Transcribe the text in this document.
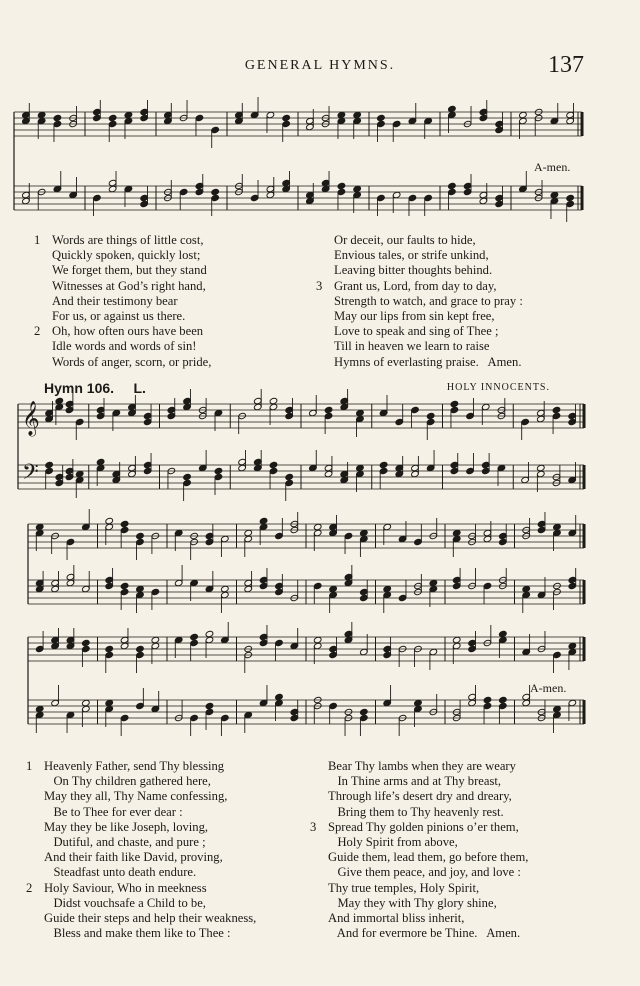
GENERAL HYMNS.	137
𝄞
𝄢
A-men.
A-men.
1 Words are things of little cost,
Quickly spoken, quickly lost;
We forget them, but they stand
Witnesses at God’s right hand,
And their testimony bear
For us, or against us there.
2 Oh, how often ours have been
Idle words and words of sin!
Words of anger, scorn, or pride,
Or deceit, our faults to hide,
Envious tales, or strife unkind,
Leaving bitter thoughts behind.
3 Grant us, Lord, from day to day,
Strength to watch, and grace to pray :
May our lips from sin kept free,
Love to speak and sing of Thee ;
Till in heaven we learn to raise
Hymns of everlasting praise.   Amen.
Hymn 106. L.	HOLY INNOCENTS.
1 Heavenly Father, send Thy blessing
On Thy children gathered here,
May they all, Thy Name confessing,
Be to Thee for ever dear :
May they be like Joseph, loving,
Dutiful, and chaste, and pure ;
And their faith like David, proving,
Steadfast unto death endure.
2 Holy Saviour, Who in meekness
Didst vouchsafe a Child to be,
Guide their steps and help their weakness,
Bless and make them like to Thee :
Bear Thy lambs when they are weary
In Thine arms and at Thy breast,
Through life’s desert dry and dreary,
Bring them to Thy heavenly rest.
3 Spread Thy golden pinions o’er them,
Holy Spirit from above,
Guide them, lead them, go before them,
Give them peace, and joy, and love :
Thy true temples, Holy Spirit,
May they with Thy glory shine,
And immortal bliss inherit,
And for evermore be Thine.   Amen.
